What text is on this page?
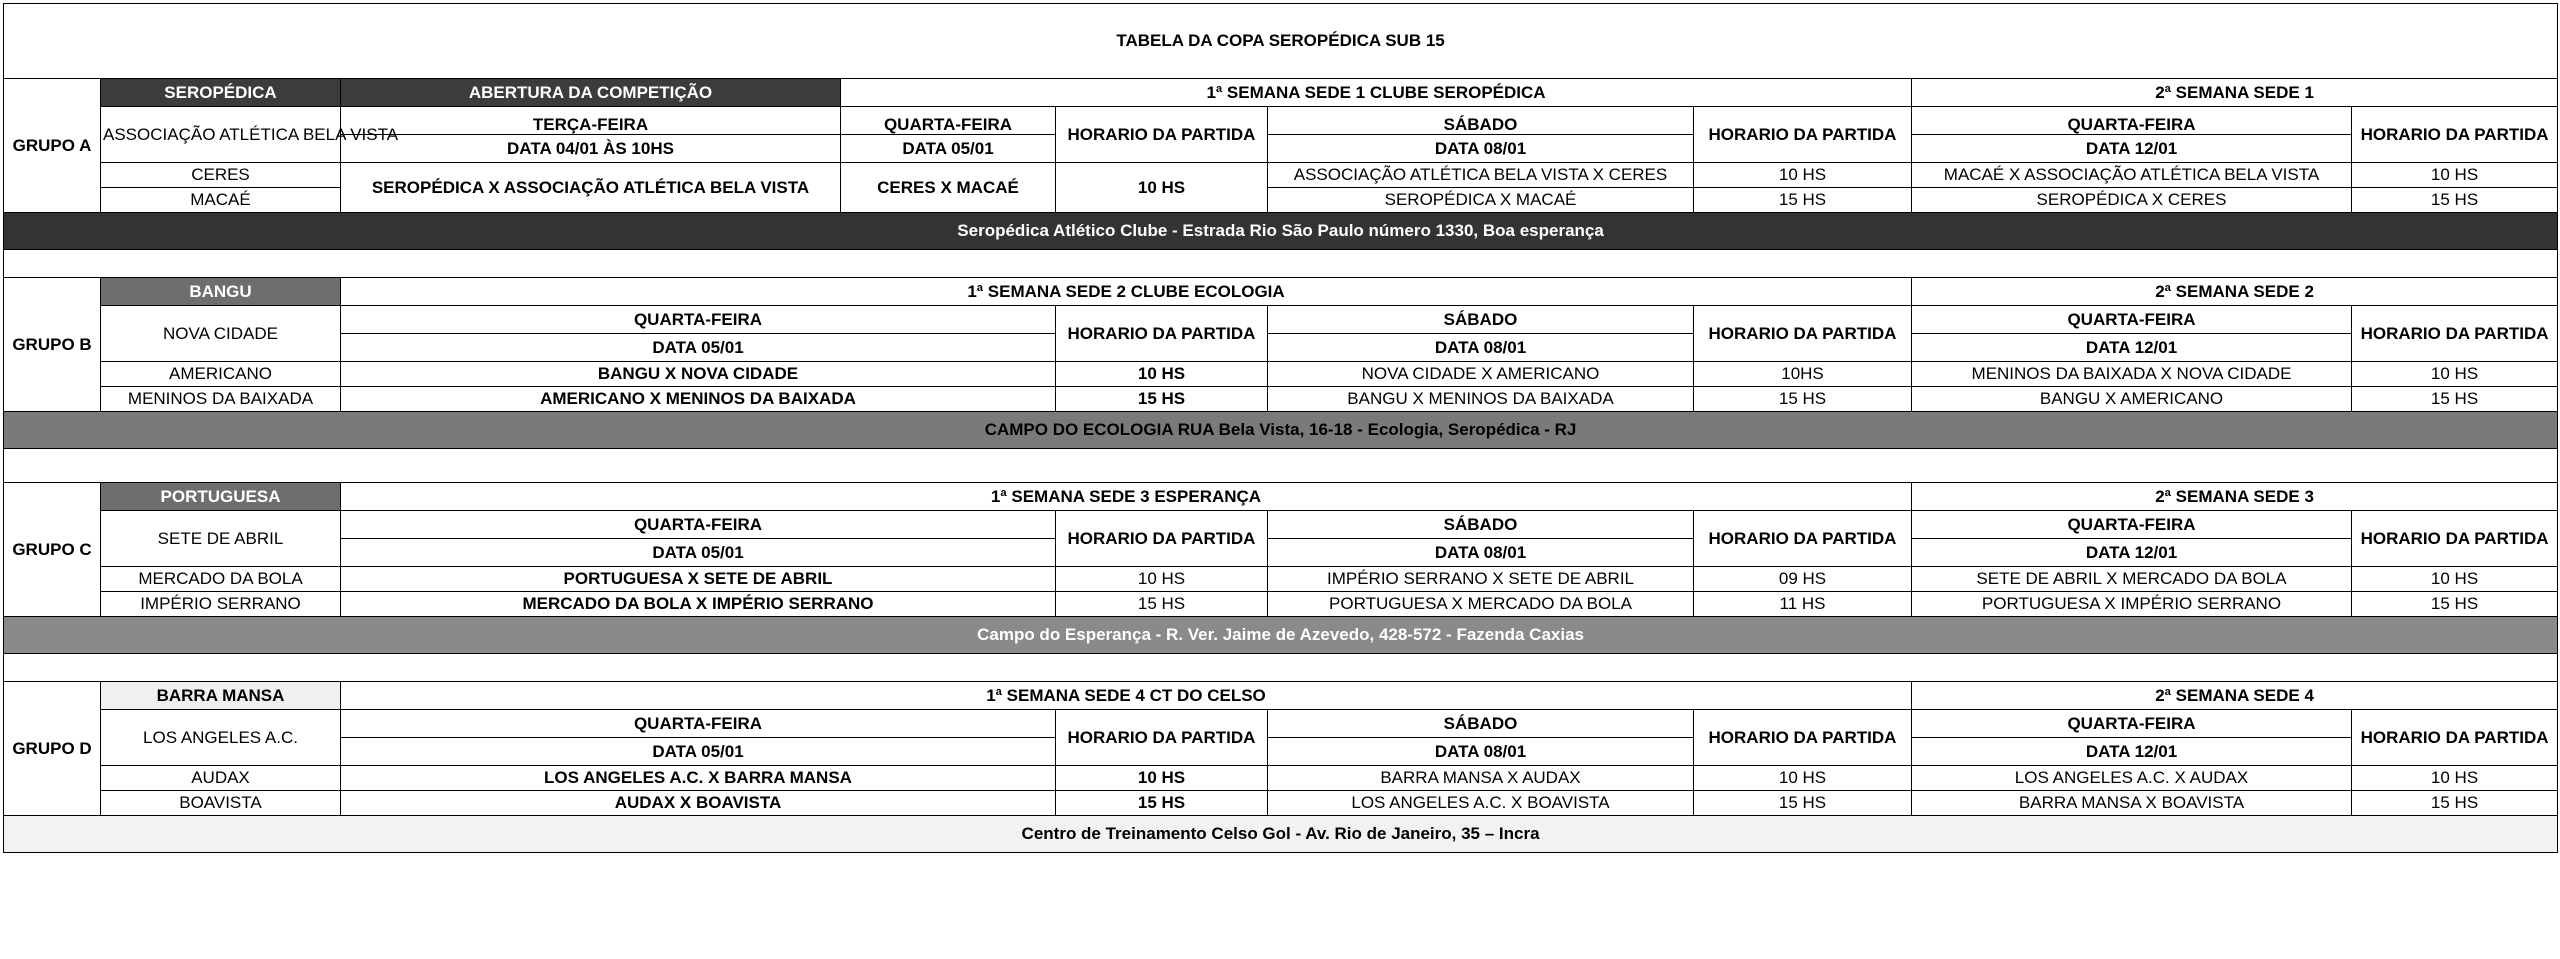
TABELA DA COPA SEROPÉDICA SUB 15								
GRUPO A	SEROPÉDICA	ABERTURA DA COMPETIÇÃO	1ª SEMANA SEDE 1 CLUBE SEROPÉDICA				2ª SEMANA SEDE 1	
	ASSOCIAÇÃO ATLÉTICA BELA VISTA	TERÇA-FEIRA	QUARTA-FEIRA	HORARIO DA PARTIDA	SÁBADO	HORARIO DA PARTIDA	QUARTA-FEIRA	HORARIO DA PARTIDA
		DATA 04/01 ÀS 10HS	DATA 05/01		DATA 08/01		DATA 12/01	
	CERES	SEROPÉDICA X ASSOCIAÇÃO ATLÉTICA BELA VISTA	CERES X MACAÉ	10 HS	ASSOCIAÇÃO ATLÉTICA BELA VISTA X CERES	10 HS	MACAÉ X ASSOCIAÇÃO ATLÉTICA BELA VISTA	10 HS
	MACAÉ				SEROPÉDICA X MACAÉ	15 HS	SEROPÉDICA X CERES	15 HS
Seropédica Atlético Clube - Estrada Rio São Paulo número 1330, Boa esperança								

GRUPO B	BANGU	1ª SEMANA SEDE 2 CLUBE ECOLOGIA					2ª SEMANA SEDE 2	
	NOVA CIDADE	QUARTA-FEIRA		HORARIO DA PARTIDA	SÁBADO	HORARIO DA PARTIDA	QUARTA-FEIRA	HORARIO DA PARTIDA
		DATA 05/01			DATA 08/01		DATA 12/01	
	AMERICANO	BANGU X NOVA CIDADE		10 HS	NOVA CIDADE X AMERICANO	10HS	MENINOS DA BAIXADA X NOVA CIDADE	10 HS
	MENINOS DA BAIXADA	AMERICANO X MENINOS DA BAIXADA		15 HS	BANGU X MENINOS DA BAIXADA	15 HS	BANGU X AMERICANO	15 HS
CAMPO DO ECOLOGIA RUA Bela Vista, 16-18 - Ecologia, Seropédica - RJ								

GRUPO C	PORTUGUESA	1ª SEMANA SEDE 3 ESPERANÇA					2ª SEMANA SEDE 3	
	SETE DE ABRIL	QUARTA-FEIRA		HORARIO DA PARTIDA	SÁBADO	HORARIO DA PARTIDA	QUARTA-FEIRA	HORARIO DA PARTIDA
		DATA 05/01			DATA 08/01		DATA 12/01	
	MERCADO DA BOLA	PORTUGUESA X SETE DE ABRIL		10 HS	IMPÉRIO SERRANO X SETE DE ABRIL	09 HS	SETE DE ABRIL X MERCADO DA BOLA	10 HS
	IMPÉRIO SERRANO	MERCADO DA BOLA X IMPÉRIO SERRANO		15 HS	PORTUGUESA X MERCADO DA BOLA	11 HS	PORTUGUESA X IMPÉRIO SERRANO	15 HS
Campo do Esperança - R. Ver. Jaime de Azevedo, 428-572 - Fazenda Caxias								

GRUPO D	BARRA MANSA	1ª SEMANA SEDE 4 CT DO CELSO					2ª SEMANA SEDE 4	
	LOS ANGELES A.C.	QUARTA-FEIRA		HORARIO DA PARTIDA	SÁBADO	HORARIO DA PARTIDA	QUARTA-FEIRA	HORARIO DA PARTIDA
		DATA 05/01			DATA 08/01		DATA 12/01	
	AUDAX	LOS ANGELES A.C. X BARRA MANSA		10 HS	BARRA MANSA X AUDAX	10 HS	LOS ANGELES A.C. X AUDAX	10 HS
	BOAVISTA	AUDAX X BOAVISTA		15 HS	LOS ANGELES A.C. X BOAVISTA	15 HS	BARRA MANSA X BOAVISTA	15 HS
Centro de Treinamento Celso Gol - Av. Rio de Janeiro, 35 – Incra								
